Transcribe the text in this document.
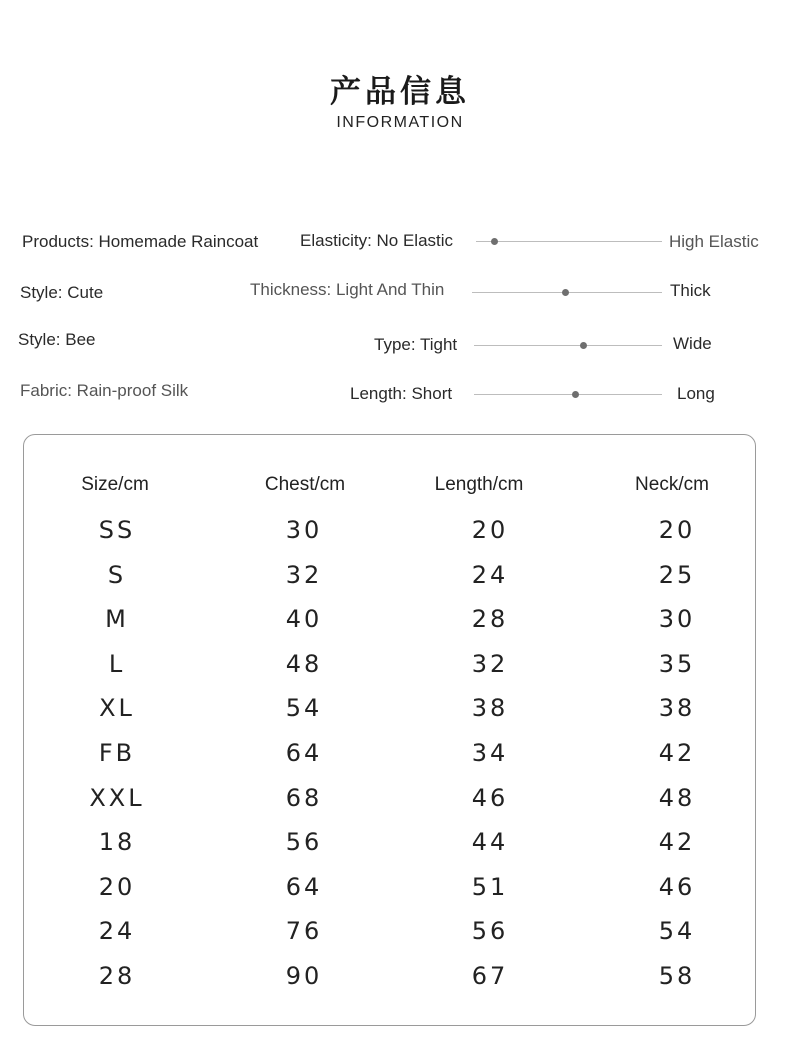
产品信息
INFORMATION
Products: Homemade Raincoat
Style: Cute
Style: Bee
Fabric: Rain-proof Silk
Elasticity: No Elastic	High Elastic
Thickness: Light And Thin	Thick
Type: Tight	Wide
Length: Short	Long
Size/cm	Chest/cm	Length/cm	Neck/cm
SS	30	20	20
S	32	24	25
M	40	28	30
L	48	32	35
XL	54	38	38
FB	64	34	42
XXL	68	46	48
18	56	44	42
20	64	51	46
24	76	56	54
28	90	67	58
